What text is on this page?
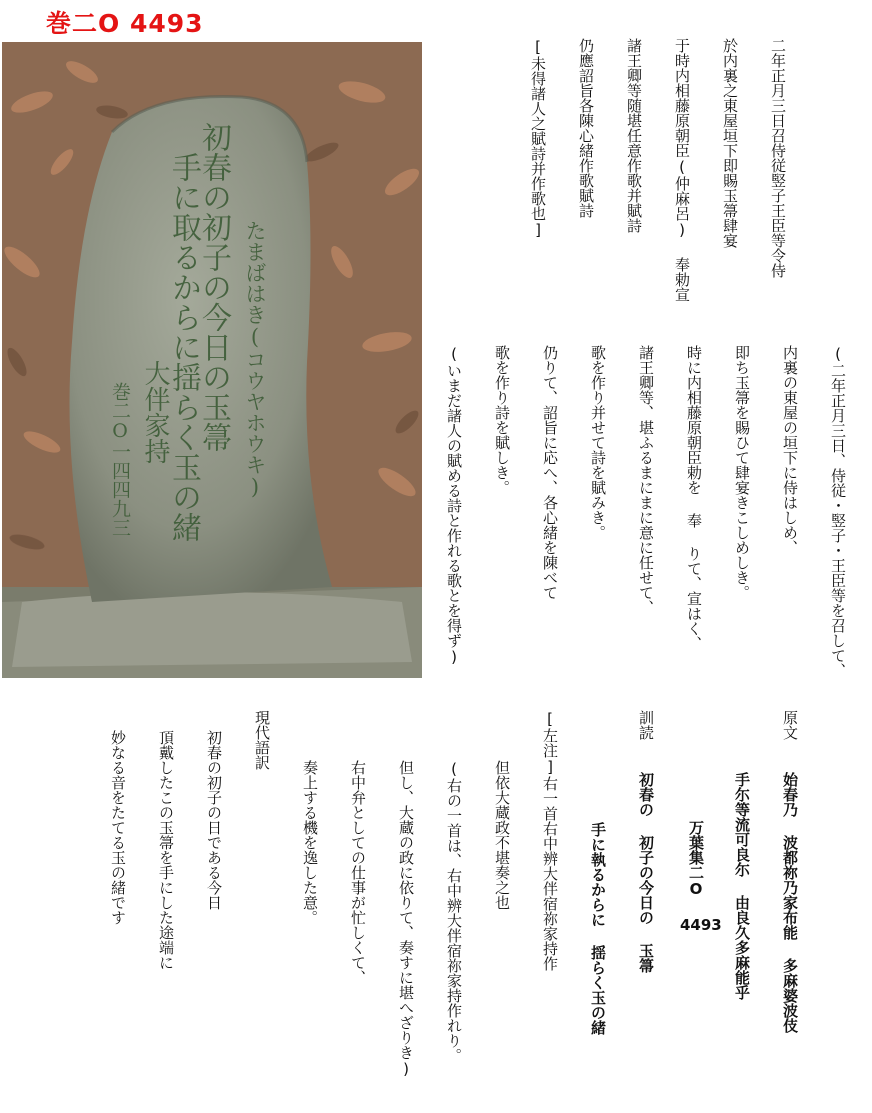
巻二O 4493
初春の初子の今日の玉箒
手に取るからに揺らく玉の緒 たまばはき(コウヤホウキ)
大伴家持
巻二O一四四九三
二年正月三日召侍従竪子王臣等令侍
於内裏之東屋垣下即賜玉箒肆宴
于時内相藤原朝臣(仲麻呂) 奉勅宣
諸王卿等随堪任意作歌并賦詩
仍應詔旨各陳心緒作歌賦詩
[未得諸人之賦詩并作歌也]
(二年正月三日、侍従・竪子・王臣等を召して、
内裏の東屋の垣下に侍はしめ、
即ち玉箒を賜ひて肆宴きこしめしき。
時に内相藤原朝臣勅を 奉 りて、宣はく、
諸王卿等、堪ふるまにまに意に任せて、
歌を作り并せて詩を賦みき。
仍りて、詔旨に応へ、各心緒を陳べて
歌を作り詩を賦しき。
(いまだ諸人の賦める詩と作れる歌とを得ず)
原文
始春乃 波都祢乃家布能 多麻婆波伎
手尓等流可良尓 由良久多麻能乎
万葉集二O
4493
訓読
初春の 初子の今日の 玉箒
手に執るからに 揺らく玉の緒
[左注]右一首右中辨大伴宿祢家持作
但依大蔵政不堪奏之也
(右の一首は、右中辨大伴宿祢家持作れり。
但し、大蔵の政に依りて、奏すに堪へざりき)
右中弁としての仕事が忙しくて、
奏上する機を逸した意。
現代語訳
初春の初子の日である今日
頂戴したこの玉箒を手にした途端に
妙なる音をたてる玉の緒です
